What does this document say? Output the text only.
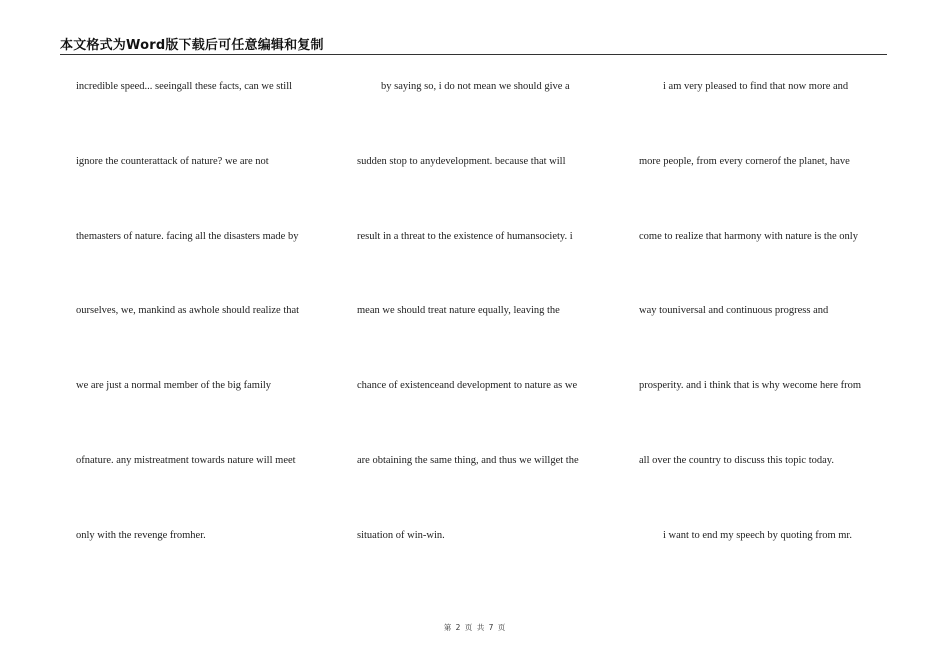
本文格式为Word版下载后可任意编辑和复制
incredible speed... seeingall these facts, can we still
ignore the counterattack of nature? we are not
themasters of nature. facing all the disasters made by
ourselves, we, mankind as awhole should realize that
we are just a normal member of the big family
ofnature. any mistreatment towards nature will meet
only with the revenge fromher.
by saying so, i do not mean we should give a
sudden stop to anydevelopment. because that will
result in a threat to the existence of humansociety. i
mean we should treat nature equally, leaving the
chance of existenceand development to nature as we
are obtaining the same thing, and thus we willget the
situation of win-win.
i am very pleased to find that now more and
more people, from every cornerof the planet, have
come to realize that harmony with nature is the only
way touniversal and continuous progress and
prosperity. and i think that is why wecome here from
all over the country to discuss this topic today.
i want to end my speech by quoting from mr.
第 2 页 共 7 页
